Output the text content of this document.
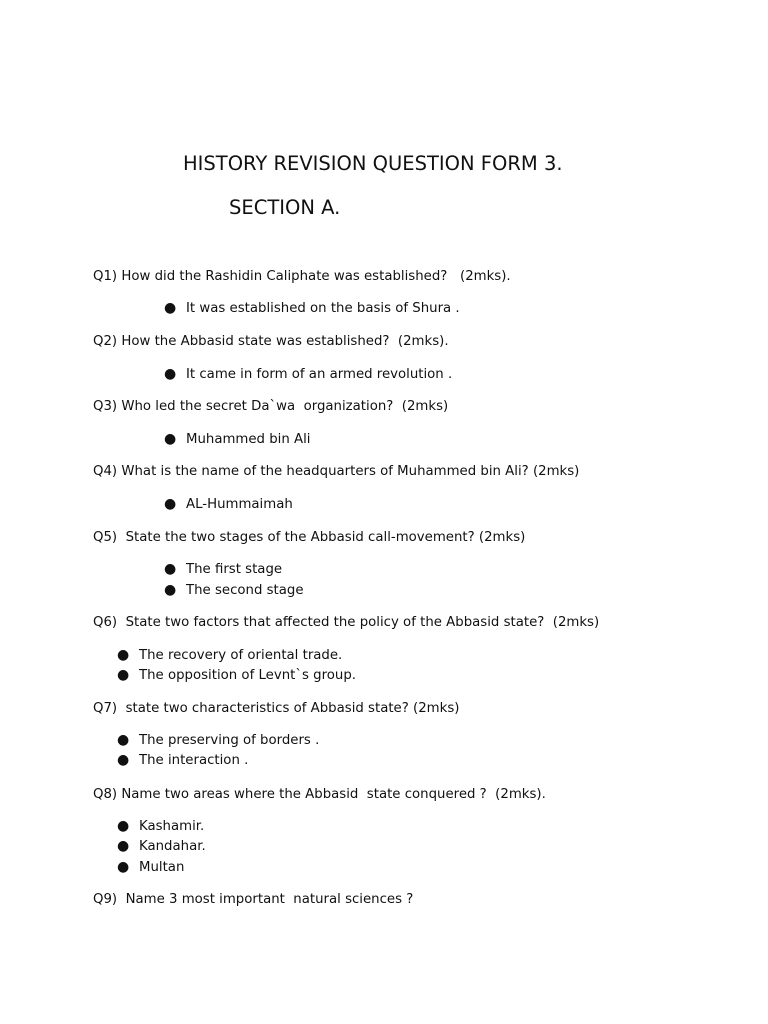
HISTORY REVISION QUESTION FORM 3.
SECTION A.
Q1) How did the Rashidin Caliphate was established?   (2mks).
● It was established on the basis of Shura .
Q2) How the Abbasid state was established?  (2mks).
● It came in form of an armed revolution .
Q3) Who led the secret Da`wa  organization?  (2mks)
● Muhammed bin Ali
Q4) What is the name of the headquarters of Muhammed bin Ali? (2mks)
● AL-Hummaimah
Q5)  State the two stages of the Abbasid call-movement? (2mks)
● The first stage
● The second stage
Q6)  State two factors that affected the policy of the Abbasid state?  (2mks)
● The recovery of oriental trade.
● The opposition of Levnt`s group.
Q7)  state two characteristics of Abbasid state? (2mks)
● The preserving of borders .
● The interaction .
Q8) Name two areas where the Abbasid  state conquered ?  (2mks).
● Kashamir.
● Kandahar.
● Multan
Q9)  Name 3 most important  natural sciences ?
